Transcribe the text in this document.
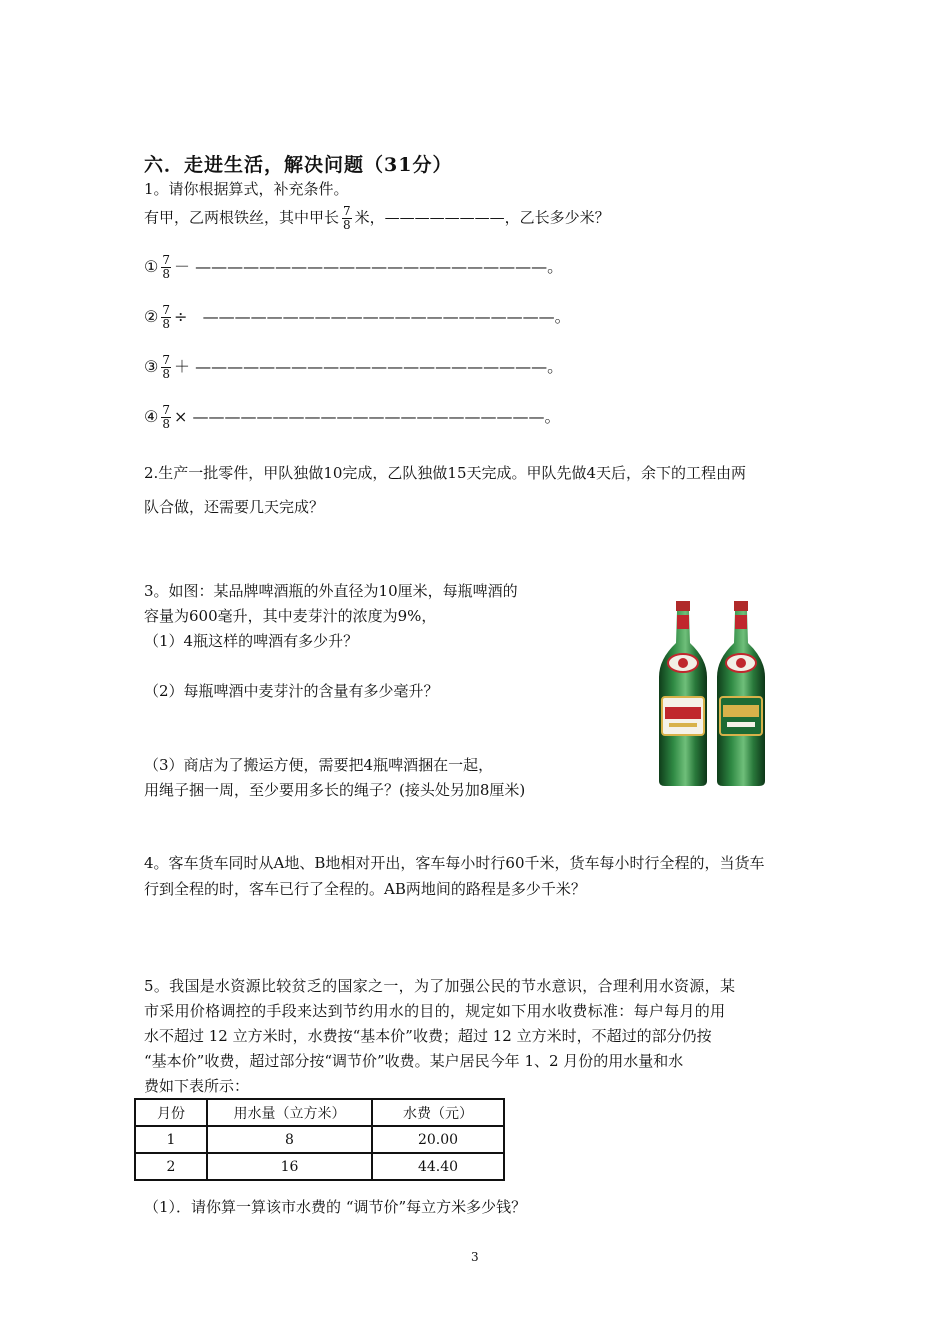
六．走进生活，解决问题（31分）
1。请你根据算式，补充条件。
有甲，乙两根铁丝，其中甲长 $\frac{7}{8}$ 米，————————，乙长多少米？
① $\frac{7}{8}$ － ——————————————————————。
② $\frac{7}{8}$ ÷ ——————————————————————。
③ $\frac{7}{8}$ ＋ ——————————————————————。
④ $\frac{7}{8}$ × ——————————————————————。
2.生产一批零件，甲队独做10完成，乙队独做15天完成。甲队先做4天后，余下的工程由两
队合做，还需要几天完成？
3。如图：某品牌啤酒瓶的外直径为10厘米，每瓶啤酒的
容量为600毫升，其中麦芽汁的浓度为9%，
（1）4瓶这样的啤酒有多少升？
（2）每瓶啤酒中麦芽汁的含量有多少毫升？
（3）商店为了搬运方便，需要把4瓶啤酒捆在一起，
用绳子捆一周，至少要用多长的绳子？(接头处另加8厘米)
4。客车货车同时从A地、B地相对开出，客车每小时行60千米，货车每小时行全程的，当货车
行到全程的时，客车已行了全程的。AB两地间的路程是多少千米？
5。我国是水资源比较贫乏的国家之一，为了加强公民的节水意识，合理利用水资源，某
市采用价格调控的手段来达到节约用水的目的，规定如下用水收费标准：每户每月的用
水不超过 12 立方米时，水费按“基本价”收费；超过 12 立方米时，不超过的部分仍按
“基本价”收费，超过部分按“调节价”收费。某户居民今年 1、2 月份的用水量和水
费如下表所示：
月份	用水量（立方米）	水费（元）
1	8	20.00
2	16	44.40
（1）．请你算一算该市水费的 “调节价”每立方米多少钱？
3
